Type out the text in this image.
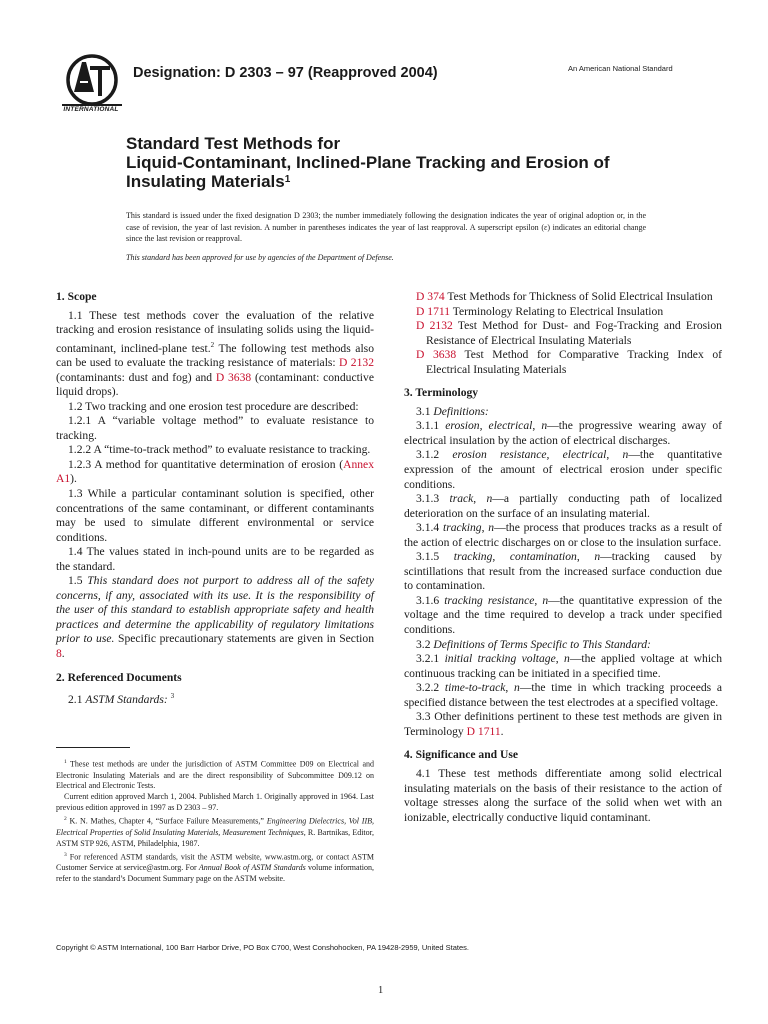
INTERNATIONAL
Designation: D 2303 – 97 (Reapproved 2004)	An American National Standard
Standard Test Methods for
Liquid-Contaminant, Inclined-Plane Tracking and Erosion of
Insulating Materials$^1$
This standard is issued under the fixed designation D 2303; the number immediately following the designation indicates the year of original adoption or, in the case of revision, the year of last revision. A number in parentheses indicates the year of last reapproval. A superscript epsilon (ε) indicates an editorial change since the last revision or reapproval.
This standard has been approved for use by agencies of the Department of Defense.
1. Scope

1.1 These test methods cover the evaluation of the relative tracking and erosion resistance of insulating solids using the liquid-contaminant, inclined-plane test.$^2$ The following test methods also can be used to evaluate the tracking resistance of materials: D 2132 (contaminants: dust and fog) and D 3638 (contaminant: conductive liquid drops).

1.2 Two tracking and one erosion test procedure are described:

1.2.1 A “variable voltage method” to evaluate resistance to tracking.

1.2.2 A “time-to-track method” to evaluate resistance to tracking.

1.2.3 A method for quantitative determination of erosion (Annex A1).

1.3 While a particular contaminant solution is specified, other concentrations of the same contaminant, or different contaminants may be used to simulate different environmental or service conditions.

1.4 The values stated in inch-pound units are to be regarded as the standard.

1.5 This standard does not purport to address all of the safety concerns, if any, associated with its use. It is the responsibility of the user of this standard to establish appropriate safety and health practices and determine the applicability of regulatory limitations prior to use. Specific precautionary statements are given in Section 8.

2. Referenced Documents

2.1 ASTM Standards: $^3$

$^1$ These test methods are under the jurisdiction of ASTM Committee D09 on Electrical and Electronic Insulating Materials and are the direct responsibility of Subcommittee D09.12 on Electrical and Electronic Tests.

Current edition approved March 1, 2004. Published March 1. Originally approved in 1964. Last previous edition approved in 1997 as D 2303 – 97.

$^2$ K. N. Mathes, Chapter 4, “Surface Failure Measurements,” Engineering Dielectrics, Vol IIB, Electrical Properties of Solid Insulating Materials, Measurement Techniques, R. Bartnikas, Editor, ASTM STP 926, ASTM, Philadelphia, 1987.

$^3$ For referenced ASTM standards, visit the ASTM website, www.astm.org, or contact ASTM Customer Service at service@astm.org. For Annual Book of ASTM Standards volume information, refer to the standard’s Document Summary page on the ASTM website.

D 374 Test Methods for Thickness of Solid Electrical Insulation

D 1711 Terminology Relating to Electrical Insulation

D 2132 Test Method for Dust- and Fog-Tracking and Erosion Resistance of Electrical Insulating Materials

D 3638 Test Method for Comparative Tracking Index of Electrical Insulating Materials

3. Terminology

3.1 Definitions:

3.1.1 erosion, electrical, n—the progressive wearing away of electrical insulation by the action of electrical discharges.

3.1.2 erosion resistance, electrical, n—the quantitative expression of the amount of electrical erosion under specific conditions.

3.1.3 track, n—a partially conducting path of localized deterioration on the surface of an insulating material.

3.1.4 tracking, n—the process that produces tracks as a result of the action of electric discharges on or close to the insulation surface.

3.1.5 tracking, contamination, n—tracking caused by scintillations that result from the increased surface conduction due to contamination.

3.1.6 tracking resistance, n—the quantitative expression of the voltage and the time required to develop a track under specified conditions.

3.2 Definitions of Terms Specific to This Standard:

3.2.1 initial tracking voltage, n—the applied voltage at which continuous tracking can be initiated in a specified time.

3.2.2 time-to-track, n—the time in which tracking proceeds a specified distance between the test electrodes at a specified voltage.

3.3 Other definitions pertinent to these test methods are given in Terminology D 1711.

4. Significance and Use

4.1 These test methods differentiate among solid electrical insulating materials on the basis of their resistance to the action of voltage stresses along the surface of the solid when wet with an ionizable, electrically conductive liquid contaminant.

Copyright © ASTM International, 100 Barr Harbor Drive, PO Box C700, West Conshohocken, PA 19428-2959, United States.
1
